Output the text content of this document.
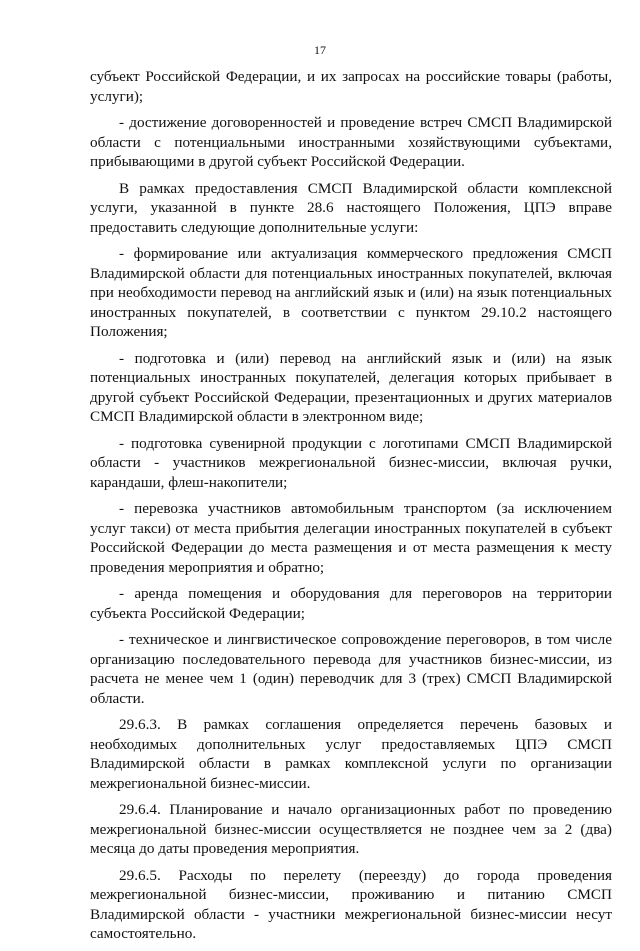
17

субъект Российской Федерации, и их запросах на российские товары (работы, услуги);

- достижение договоренностей и проведение встреч СМСП Владимирской области с потенциальными иностранными хозяйствующими субъектами, прибывающими в другой субъект Российской Федерации.

В рамках предоставления СМСП Владимирской области комплексной услуги, указанной в пункте 28.6 настоящего Положения, ЦПЭ вправе предоставить следующие дополнительные услуги:

- формирование или актуализация коммерческого предложения СМСП Владимирской области для потенциальных иностранных покупателей, включая при необходимости перевод на английский язык и (или) на язык потенциальных иностранных покупателей, в соответствии с пунктом 29.10.2 настоящего Положения;

- подготовка и (или) перевод на английский язык и (или) на язык потенциальных иностранных покупателей, делегация которых прибывает в другой субъект Российской Федерации, презентационных и других материалов СМСП Владимирской области в электронном виде;

- подготовка сувенирной продукции с логотипами СМСП Владимирской области - участников межрегиональной бизнес-миссии, включая ручки, карандаши, флеш-накопители;

- перевозка участников автомобильным транспортом (за исключением услуг такси) от места прибытия делегации иностранных покупателей в субъект Российской Федерации до места размещения и от места размещения к месту проведения мероприятия и обратно;

- аренда помещения и оборудования для переговоров на территории субъекта Российской Федерации;

- техническое и лингвистическое сопровождение переговоров, в том числе организацию последовательного перевода для участников бизнес-миссии, из расчета не менее чем 1 (один) переводчик для 3 (трех) СМСП Владимирской области.

29.6.3. В рамках соглашения определяется перечень базовых и необходимых дополнительных услуг предоставляемых ЦПЭ СМСП Владимирской области в рамках комплексной услуги по организации межрегиональной бизнес-миссии.

29.6.4. Планирование и начало организационных работ по проведению межрегиональной бизнес-миссии осуществляется не позднее чем за 2 (два) месяца до даты проведения мероприятия.

29.6.5. Расходы по перелету (переезду) до города проведения межрегиональной бизнес-миссии, проживанию и питанию СМСП Владимирской области - участники межрегиональной бизнес-миссии несут самостоятельно.
